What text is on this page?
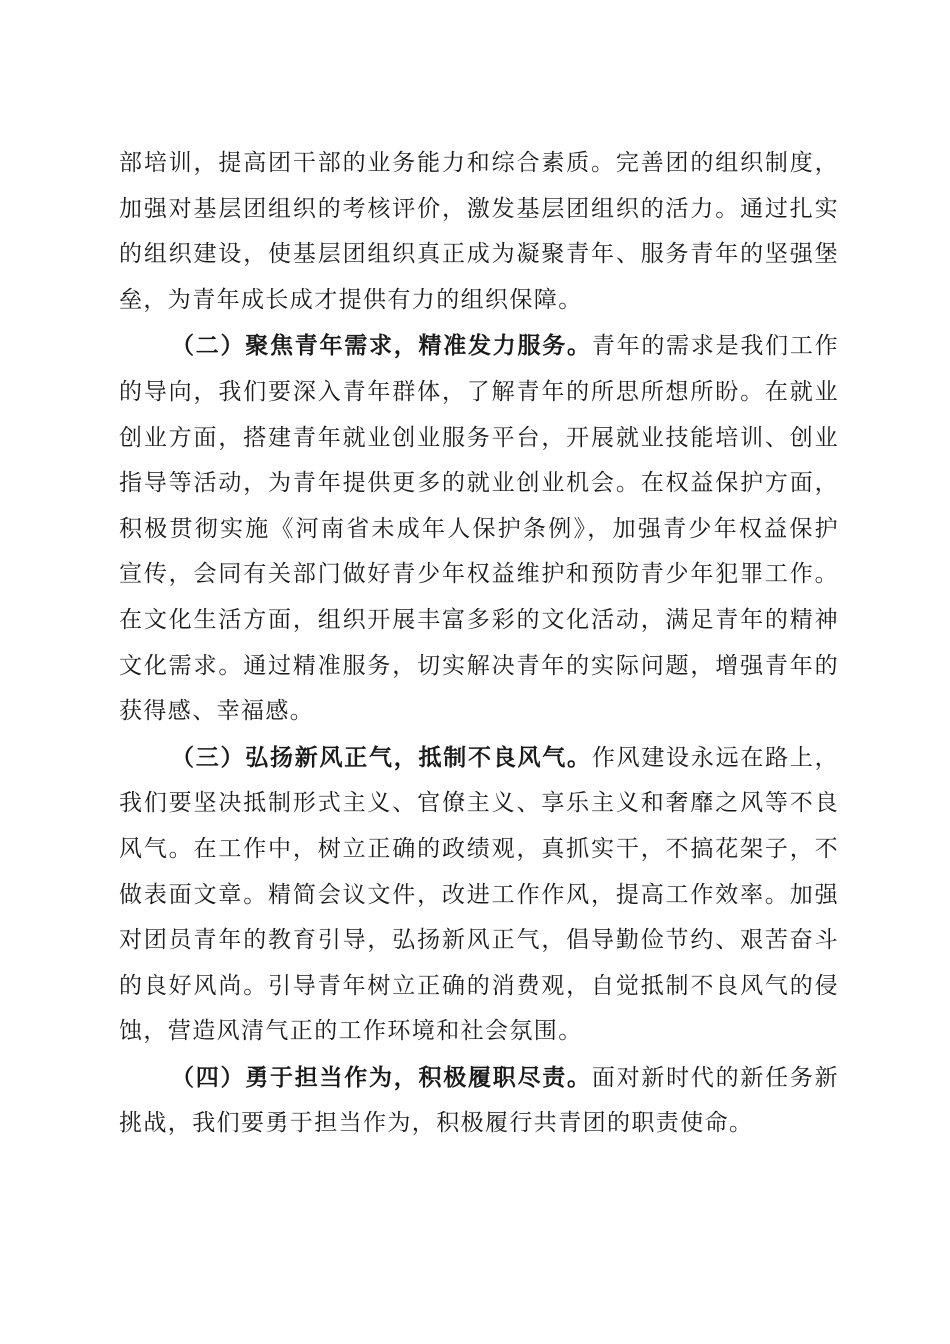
部培训，提高团干部的业务能力和综合素质。完善团的组织制度，加强对基层团组织的考核评价，激发基层团组织的活力。通过扎实的组织建设，使基层团组织真正成为凝聚青年、服务青年的坚强堡垒，为青年成长成才提供有力的组织保障。

（二）聚焦青年需求，精准发力服务。青年的需求是我们工作的导向，我们要深入青年群体，了解青年的所思所想所盼。在就业创业方面，搭建青年就业创业服务平台，开展就业技能培训、创业指导等活动，为青年提供更多的就业创业机会。在权益保护方面，积极贯彻实施《河南省未成年人保护条例》，加强青少年权益保护宣传，会同有关部门做好青少年权益维护和预防青少年犯罪工作。在文化生活方面，组织开展丰富多彩的文化活动，满足青年的精神文化需求。通过精准服务，切实解决青年的实际问题，增强青年的获得感、幸福感。

（三）弘扬新风正气，抵制不良风气。作风建设永远在路上，我们要坚决抵制形式主义、官僚主义、享乐主义和奢靡之风等不良风气。在工作中，树立正确的政绩观，真抓实干，不搞花架子，不做表面文章。精简会议文件，改进工作作风，提高工作效率。加强对团员青年的教育引导，弘扬新风正气，倡导勤俭节约、艰苦奋斗的良好风尚。引导青年树立正确的消费观，自觉抵制不良风气的侵蚀，营造风清气正的工作环境和社会氛围。

（四）勇于担当作为，积极履职尽责。面对新时代的新任务新挑战，我们要勇于担当作为，积极履行共青团的职责使命。
